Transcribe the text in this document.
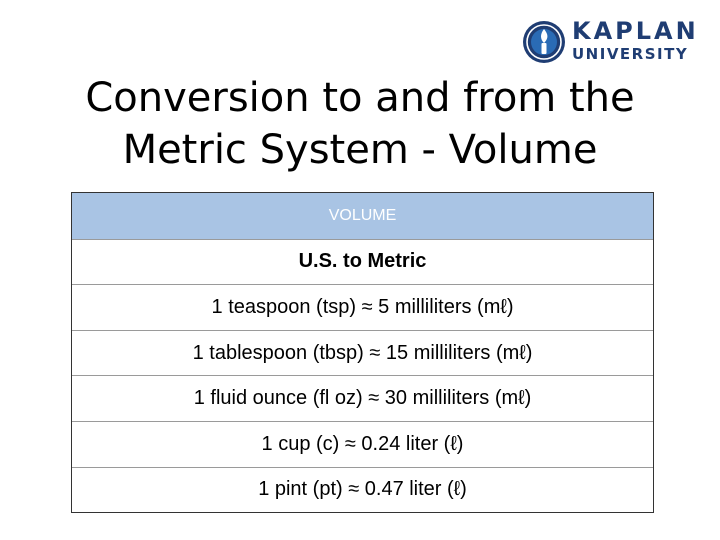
KAPLAN
UNIVERSITY
Conversion to and from the
Metric System - Volume
VOLUME
U.S. to Metric
1 teaspoon (tsp) ≈ 5 milliliters (mℓ)
1 tablespoon (tbsp) ≈ 15 milliliters (mℓ)
1 fluid ounce (fl oz) ≈ 30 milliliters (mℓ)
1 cup (c) ≈ 0.24 liter (ℓ)
1 pint (pt) ≈ 0.47 liter (ℓ)
